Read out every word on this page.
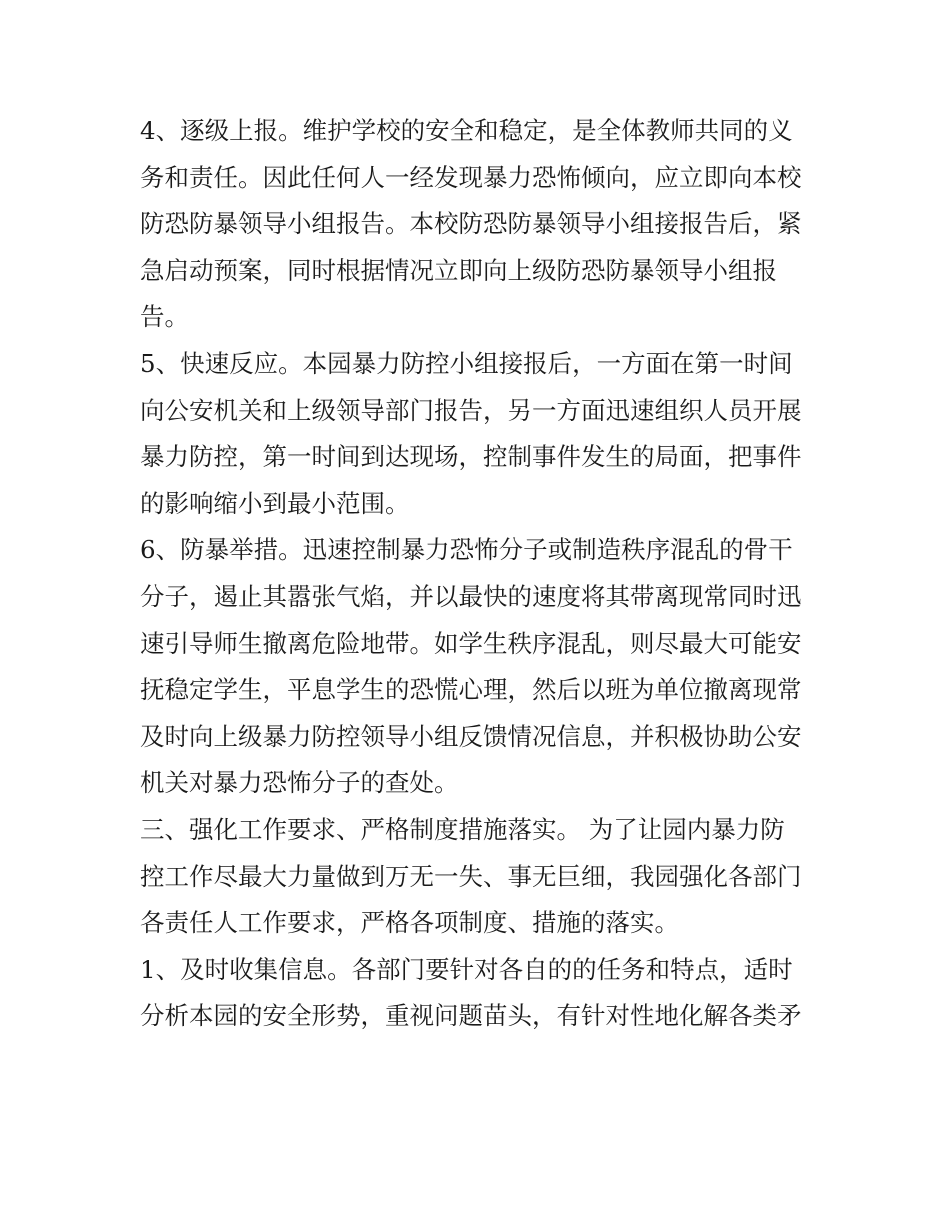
4、逐级上报。维护学校的安全和稳定，是全体教师共同的义
务和责任。因此任何人一经发现暴力恐怖倾向，应立即向本校
防恐防暴领导小组报告。本校防恐防暴领导小组接报告后，紧
急启动预案，同时根据情况立即向上级防恐防暴领导小组报
告。
5、快速反应。本园暴力防控小组接报后，一方面在第一时间
向公安机关和上级领导部门报告，另一方面迅速组织人员开展
暴力防控，第一时间到达现场，控制事件发生的局面，把事件
的影响缩小到最小范围。
6、防暴举措。迅速控制暴力恐怖分子或制造秩序混乱的骨干
分子，遏止其嚣张气焰，并以最快的速度将其带离现常同时迅
速引导师生撤离危险地带。如学生秩序混乱，则尽最大可能安
抚稳定学生，平息学生的恐慌心理，然后以班为单位撤离现常
及时向上级暴力防控领导小组反馈情况信息，并积极协助公安
机关对暴力恐怖分子的查处。
三、强化工作要求、严格制度措施落实。 为了让园内暴力防
控工作尽最大力量做到万无一失、事无巨细，我园强化各部门
各责任人工作要求，严格各项制度、措施的落实。
1、及时收集信息。各部门要针对各自的的任务和特点，适时
分析本园的安全形势，重视问题苗头，有针对性地化解各类矛
